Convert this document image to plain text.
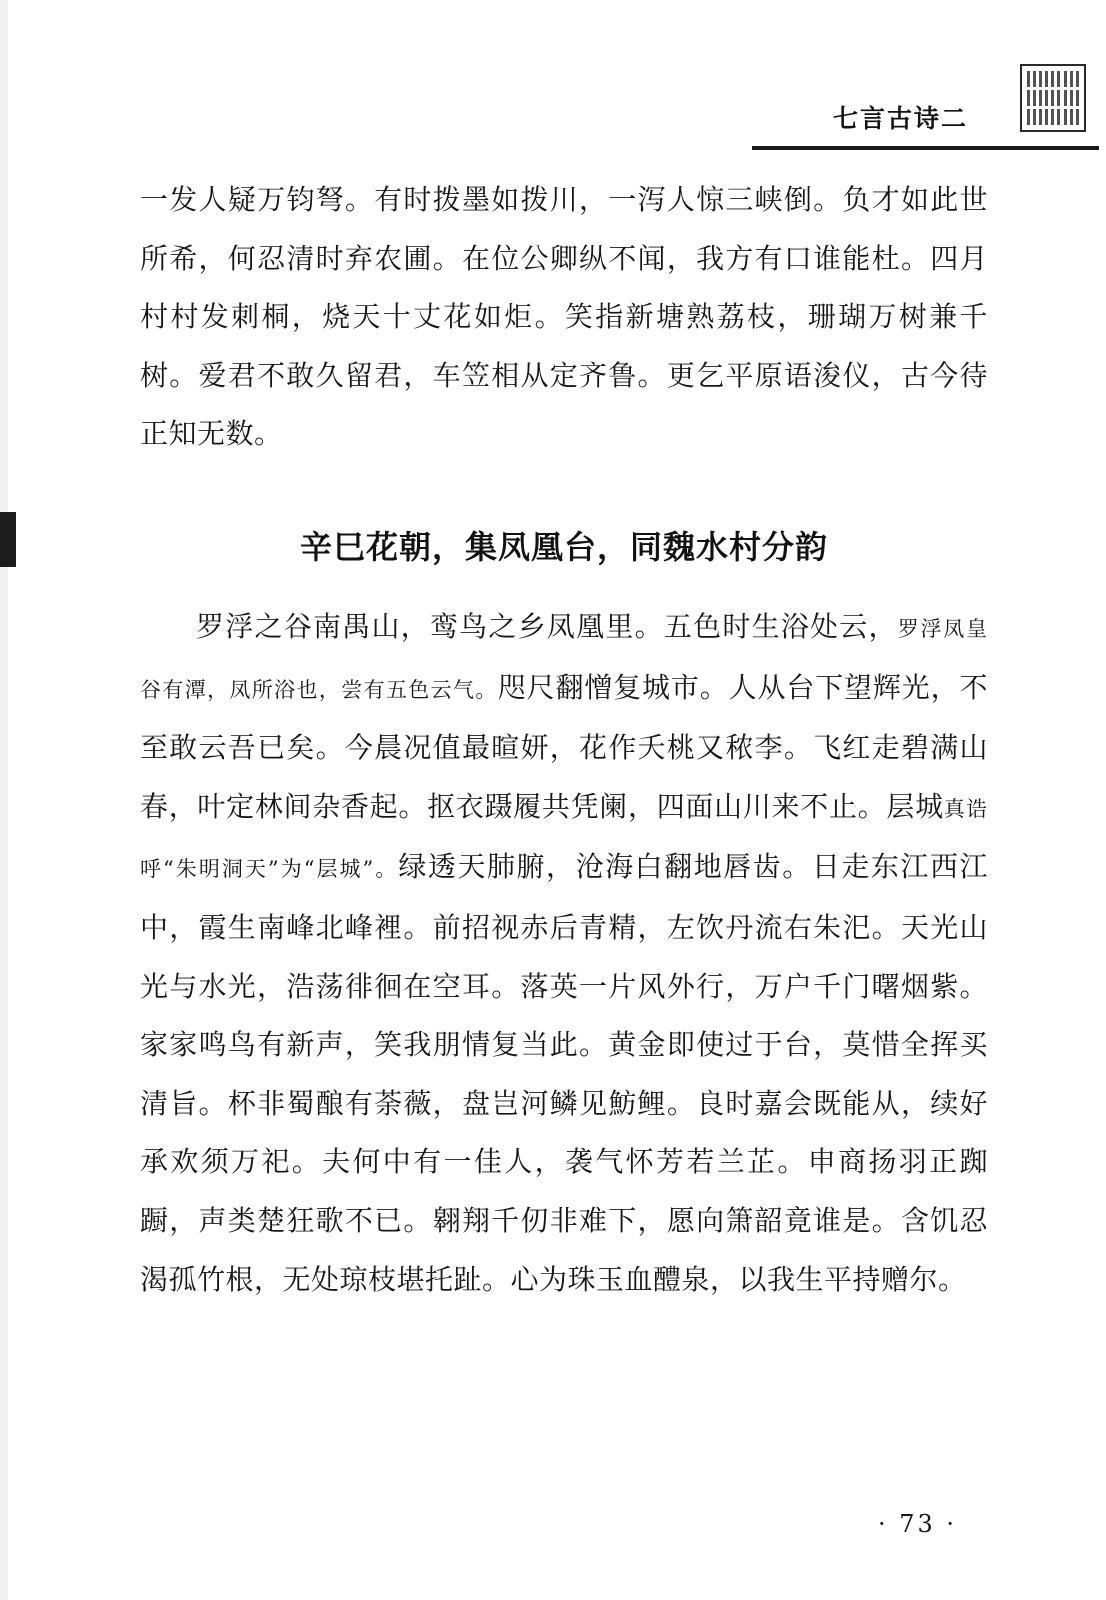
七言古诗二

一发人疑万钧弩。有时拨墨如拨川，一泻人惊三峡倒。负才如此世所希，何忍清时弃农圃。在位公卿纵不闻，我方有口谁能杜。四月村村发刺桐，烧天十丈花如炬。笑指新塘熟荔枝，珊瑚万树兼千树。爱君不敢久留君，车笠相从定齐鲁。更乞平原语浚仪，古今待正知无数。

辛巳花朝，集凤凰台，同魏水村分韵

罗浮之谷南禺山，鸾鸟之乡凤凰里。五色时生浴处云，罗浮凤皇谷有潭，凤所浴也，尝有五色云气。咫尺翻憎复城市。人从台下望辉光，不至敢云吾已矣。今晨况值最暄妍，花作夭桃又秾李。飞红走碧满山春，叶定林间杂香起。抠衣蹑履共凭阑，四面山川来不止。层城真诰呼“朱明洞天”为“层城”。绿透天肺腑，沧海白翻地唇齿。日走东江西江中，霞生南峰北峰裡。前招视赤后青精，左饮丹流右朱汜。天光山光与水光，浩荡徘徊在空耳。落英一片风外行，万户千门曙烟紫。家家鸣鸟有新声，笑我朋情复当此。黄金即使过于台，莫惜全挥买清旨。杯非蜀酿有荼薇，盘岂河鳞见魴鲤。良时嘉会既能从，续好承欢须万祀。夫何中有一佳人，袭气怀芳若兰芷。申商扬羽正踟蹰，声类楚狂歌不已。翱翔千仞非难下，愿向箫韶竟谁是。含饥忍渴孤竹根，无处琼枝堪托趾。心为珠玉血醴泉，以我生平持赠尔。

· 73 ·
